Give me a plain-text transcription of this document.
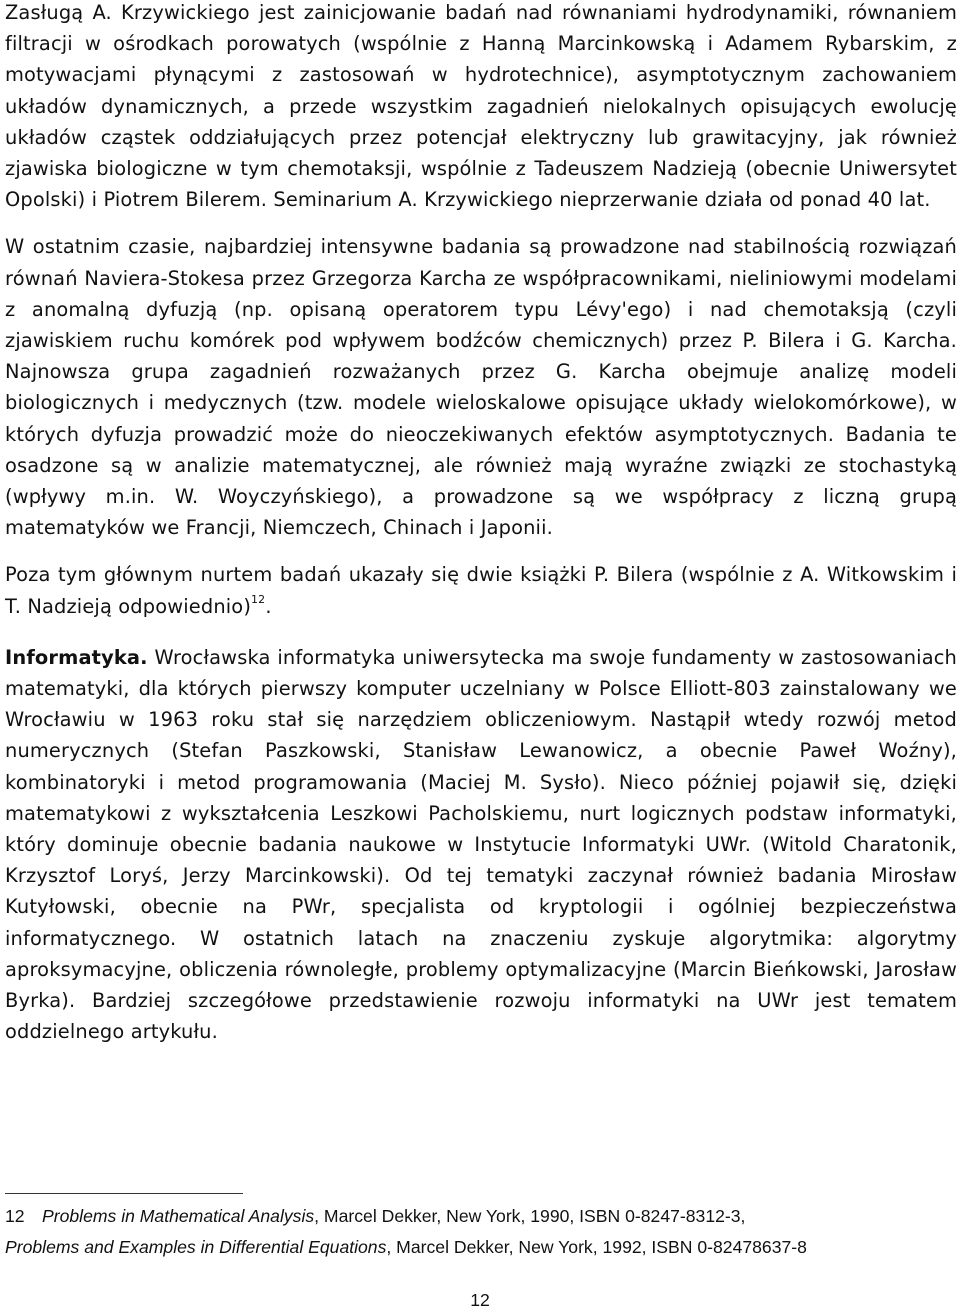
Zasługą A. Krzywickiego jest zainicjowanie badań nad równaniami hydrodynamiki, równaniem filtracji w ośrodkach porowatych (wspólnie z Hanną Marcinkowską i Adamem Rybarskim, z motywacjami płynącymi z zastosowań w hydrotechnice), asymptotycznym zachowaniem układów dynamicznych, a przede wszystkim zagadnień nielokalnych opisujących ewolucję układów cząstek oddziałujących przez potencjał elektryczny lub grawitacyjny, jak również zjawiska biologiczne w tym chemotaksji, wspólnie z Tadeuszem Nadzieją (obecnie Uniwersytet Opolski) i Piotrem Bilerem. Seminarium A. Krzywickiego nieprzerwanie działa od ponad 40 lat.

W ostatnim czasie, najbardziej intensywne badania są prowadzone nad stabilnością rozwiązań równań Naviera-Stokesa przez Grzegorza Karcha ze współpracownikami, nieliniowymi modelami z anomalną dyfuzją (np. opisaną operatorem typu Lévy'ego) i nad chemotaksją (czyli zjawiskiem ruchu komórek pod wpływem bodźców chemicznych) przez P. Bilera i G. Karcha. Najnowsza grupa zagadnień rozważanych przez G. Karcha obejmuje analizę modeli biologicznych i medycznych (tzw. modele wieloskalowe opisujące układy wielokomórkowe), w których dyfuzja prowadzić może do nieoczekiwanych efektów asymptotycznych. Badania te osadzone są w analizie matematycznej, ale również mają wyraźne związki ze stochastyką (wpływy m.in. W. Woyczyńskiego), a prowadzone są we współpracy z liczną grupą matematyków we Francji, Niemczech, Chinach i Japonii.

Poza tym głównym nurtem badań ukazały się dwie książki P. Bilera (wspólnie z A. Witkowskim i T. Nadzieją odpowiednio)$^{12}$.

Informatyka. Wrocławska informatyka uniwersytecka ma swoje fundamenty w zastosowaniach matematyki, dla których pierwszy komputer uczelniany w Polsce Elliott-803 zainstalowany we Wrocławiu w 1963 roku stał się narzędziem obliczeniowym. Nastąpił wtedy rozwój metod numerycznych (Stefan Paszkowski, Stanisław Lewanowicz, a obecnie Paweł Woźny), kombinatoryki i metod programowania (Maciej M. Sysło). Nieco później pojawił się, dzięki matematykowi z wykształcenia Leszkowi Pacholskiemu, nurt logicznych podstaw informatyki, który dominuje obecnie badania naukowe w Instytucie Informatyki UWr. (Witold Charatonik, Krzysztof Loryś, Jerzy Marcinkowski). Od tej tematyki zaczynał również badania Mirosław Kutyłowski, obecnie na PWr, specjalista od kryptologii i ogólniej bezpieczeństwa informatycznego. W ostatnich latach na znaczeniu zyskuje algorytmika: algorytmy aproksymacyjne, obliczenia równoległe, problemy optymalizacyjne (Marcin Bieńkowski, Jarosław Byrka). Bardziej szczegółowe przedstawienie rozwoju informatyki na UWr jest tematem oddzielnego artykułu.

12 Problems in Mathematical Analysis, Marcel Dekker, New York, 1990, ISBN 0-8247-8312-3,
Problems and Examples in Differential Equations, Marcel Dekker, New York, 1992, ISBN 0-82478637-8
12
